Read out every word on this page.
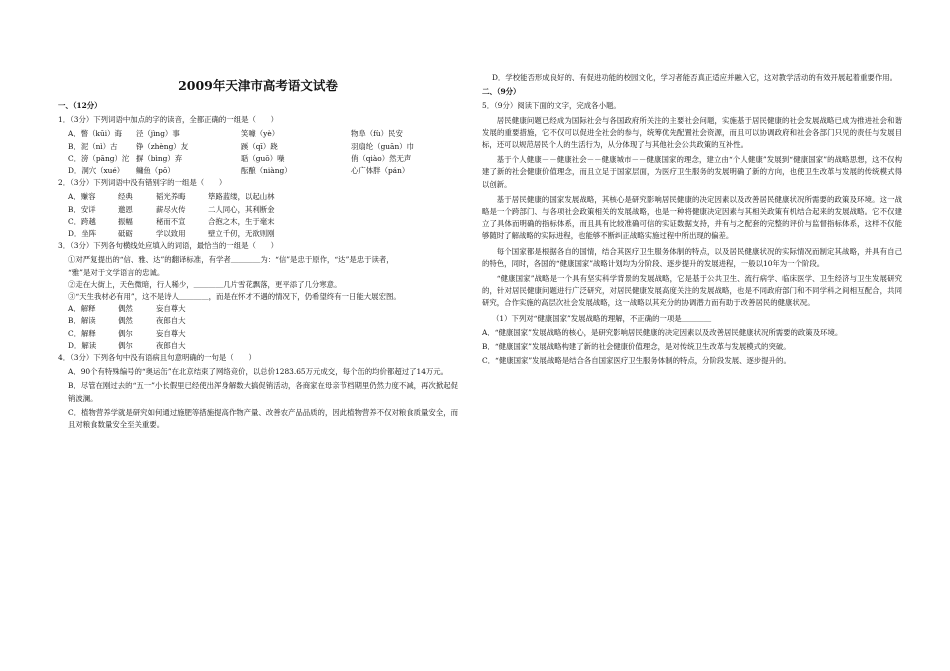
2009年天津市高考语文试卷
一、（12分）
1．（3分）下列词语中加点的字的读音，全都正确的一组是（　　）
A．瞥（kūi）诲	泾（jìng）事	笑噱（yè）	物阜（fù）民安
B．泥（nì）古	铮（zhèng）友	蹊（qī）跷	羽扇纶（guān）巾
C．滂（pāng）沱 摒（bìng）弃	聒（guō）噪	俏（qiào）然无声
D．洞穴（xué）	鳙鱼（pō）	酝酿（niàng）	心广体胖（pán）
2．（3分）下列词语中没有错别字的一组是（　　）
A．赚容	经典	韬光养晦	筚路蓝缕，以起山林
B．安详	邀恩	薪尽火传	二人同心，其利断金
C．跨越	振幅	秘而不宣	合抱之木，生于毫末
D．坐阵	砥砺	学以致用	壁立千仞，无欲则刚
3．（3分）下列各句横线处应填入的词语，最恰当的一组是（　　）
①对严复提出的“信、雅、达”的翻译标准，有学者＿＿＿＿为：“信”是忠于原作，“达”是忠于读者，
“雅”是对于文学语言的忠诚。
②走在大街上，天色微暗，行人稀少，＿＿＿＿几片雪花飘落，更平添了几分寒意。
③“天生我材必有用”，这不是诗人＿＿＿＿，而是在怀才不遇的情况下，仍希望终有一日能大展宏图。
A．解释	偶然	妄自尊大
B．解读	偶然	夜郎自大
C．解释	偶尔	妄自尊大
D．解读	偶尔	夜郎自大
4．（3分）下列各句中没有语病且句意明确的一句是（　　）
A．90个有特殊编号的“奥运缶”在北京结束了网络竞价，以总价1283.65万元成交，每个缶的均价都超过了14万元。
B．尽管在刚过去的“五一”小长假里已经使出浑身解数大搞促销活动，各商家在母亲节档期里仍然力度不减，再次掀起促销波澜。
C．植物营养学就是研究如何通过施肥等措施提高作物产量、改善农产品品质的，因此植物营养不仅对粮食质量安全，而且对粮食数量安全至关重要。
D．学校能否形成良好的、有促进功能的校园文化，学习者能否真正适应并融入它，这对教学活动的有效开展起着重要作用。
二、（9分）
5．（9分）阅读下面的文字，完成各小题。
居民健康问题已经成为国际社会与各国政府所关注的主要社会问题，实施基于居民健康的社会发展战略已成为推进社会和谐发展的重要措施，它不仅可以促进全社会的参与，统筹优先配置社会资源，而且可以协调政府和社会各部门只见的责任与发展目标，还可以规范居民个人的生活行为，从分体现了与其他社会公共政策的互补性。
基于个人健康－－健康社会－－健康城市－－健康国家的理念，建立由“个人健康”发展到“健康国家”的战略思想，这不仅构建了新的社会健康价值理念，而且立足于国家层面，为医疗卫生服务的发展明确了新的方向，也使卫生改革与发展的传统模式得以创新。
基于居民健康的国家发展战略，其核心是研究影响居民健康的决定因素以及改善居民健康状况所需要的政策及环境。这一战略是一个跨部门、与各项社会政策相关的发展战略，也是一种将健康决定因素与其相关政策有机结合起来的发展战略。它不仅建立了具体而明确的指标体系，而且具有比较准确可信的实证数据支持，并有与之配套的完整的评价与监督指标体系，这样不仅能够随时了解战略的实际进程，也能够不断纠正战略实施过程中所出现的偏差。
每个国家都是根据各自的国情，结合其医疗卫生服务体制的特点，以及居民健康状况的实际情况而制定其战略，并具有自己的特色，同时，各国的“健康国家”战略计划均为分阶段、逐步提升的发展进程，一般以10年为一个阶段。
“健康国家”战略是一个具有坚实科学背景的发展战略，它是基于公共卫生、流行病学、临床医学、卫生经济与卫生发展研究的，针对居民健康问题进行广泛研究，对居民健康发展高度关注的发展战略，也是不同政府部门和不同学科之间相互配合，共同研究，合作实施的高层次社会发展战略，这一战略以其充分的协调潜力而有助于改善居民的健康状况。
（1）下列对“健康国家”发展战略的理解，不正确的一项是＿＿＿＿
A．“健康国家”发展战略的核心，是研究影响居民健康的决定因素以及改善居民健康状况所需要的政策及环境。
B．“健康国家”发展战略构建了新的社会健康价值理念，是对传统卫生改革与发展模式的突破。
C．“健康国家”发展战略是结合各自国家医疗卫生服务体制的特点，分阶段发展、逐步提升的。
